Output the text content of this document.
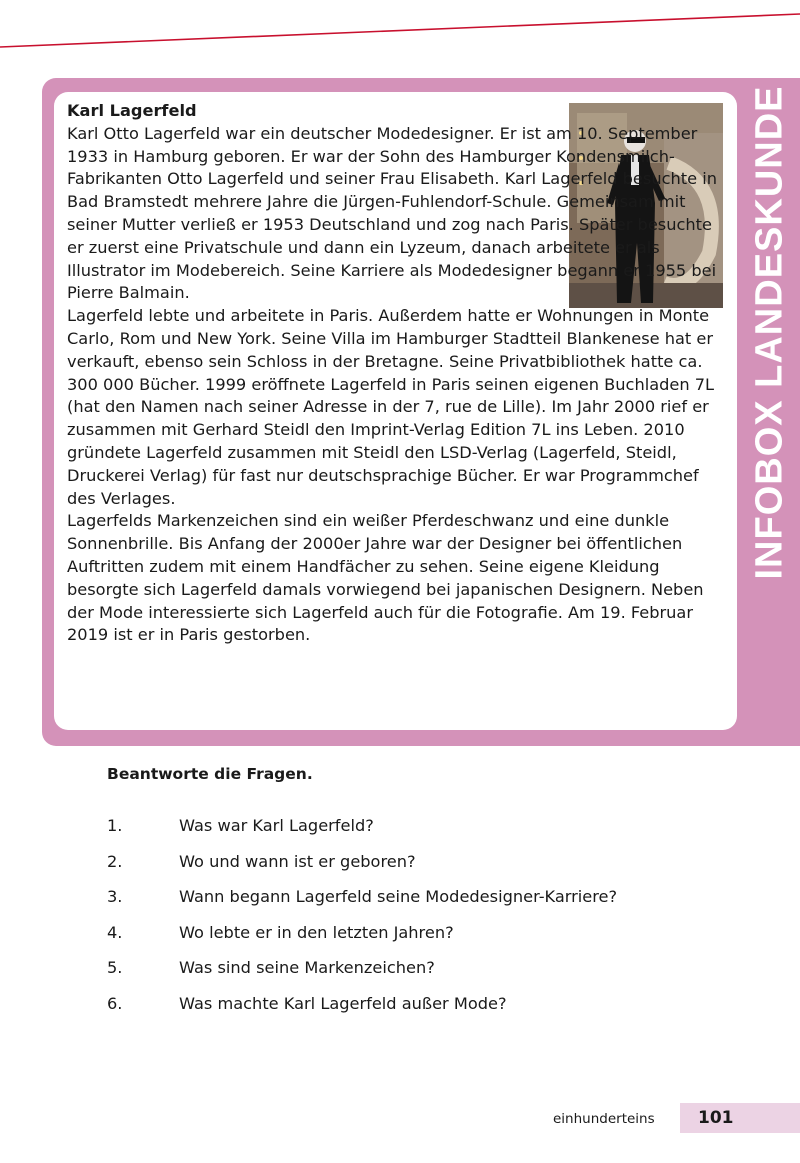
INFOBOX LANDESKUNDE

Karl Lagerfeld

Karl Otto Lagerfeld war ein deutscher Modedesigner. Er ist am 10. September 1933 in Hamburg geboren. Er war der Sohn des Hamburger Kondensmilch-Fabrikanten Otto Lagerfeld und seiner Frau Elisabeth. Karl Lagerfeld besuchte in Bad Bramstedt mehrere Jahre die Jürgen-Fuhlendorf-Schule. Gemeinsam mit seiner Mutter verließ er 1953 Deutschland und zog nach Paris. Später besuchte er zuerst eine Privatschule und dann ein Lyzeum, danach arbeitete er als Illustrator im Modebereich. Seine Karriere als Modedesigner begann er 1955 bei Pierre Balmain.

Lagerfeld lebte und arbeitete in Paris. Außerdem hatte er Wohnungen in Monte Carlo, Rom und New York. Seine Villa im Hamburger Stadtteil Blankenese hat er verkauft, ebenso sein Schloss in der Bretagne. Seine Privatbibliothek hatte ca. 300 000 Bücher. 1999 eröffnete Lagerfeld in Paris seinen eigenen Buchladen 7L (hat den Namen nach seiner Adresse in der 7, rue de Lille). Im Jahr 2000 rief er zusammen mit Gerhard Steidl den Imprint-Verlag Edition 7L ins Leben. 2010 gründete Lagerfeld zusammen mit Steidl den LSD-Verlag (Lagerfeld, Steidl, Druckerei Verlag) für fast nur deutschsprachige Bücher. Er war Programmchef des Verlages.

Lagerfelds Markenzeichen sind ein weißer Pferdeschwanz und eine dunkle Sonnenbrille. Bis Anfang der 2000er Jahre war der Designer bei öffentlichen Auftritten zudem mit einem Handfächer zu sehen. Seine eigene Kleidung besorgte sich Lagerfeld damals vorwiegend bei japanischen Designern. Neben der Mode interessierte sich Lagerfeld auch für die Fotografie. Am 19. Februar 2019 ist er in Paris gestorben.

Beantworte die Fragen.
1.	Was war Karl Lagerfeld?
2.	Wo und wann ist er geboren?
3.	Wann begann Lagerfeld seine Modedesigner-Karriere?
4.	Wo lebte er in den letzten Jahren?
5.	Was sind seine Markenzeichen?
6.	Was machte Karl Lagerfeld außer Mode?
einhunderteins	101
